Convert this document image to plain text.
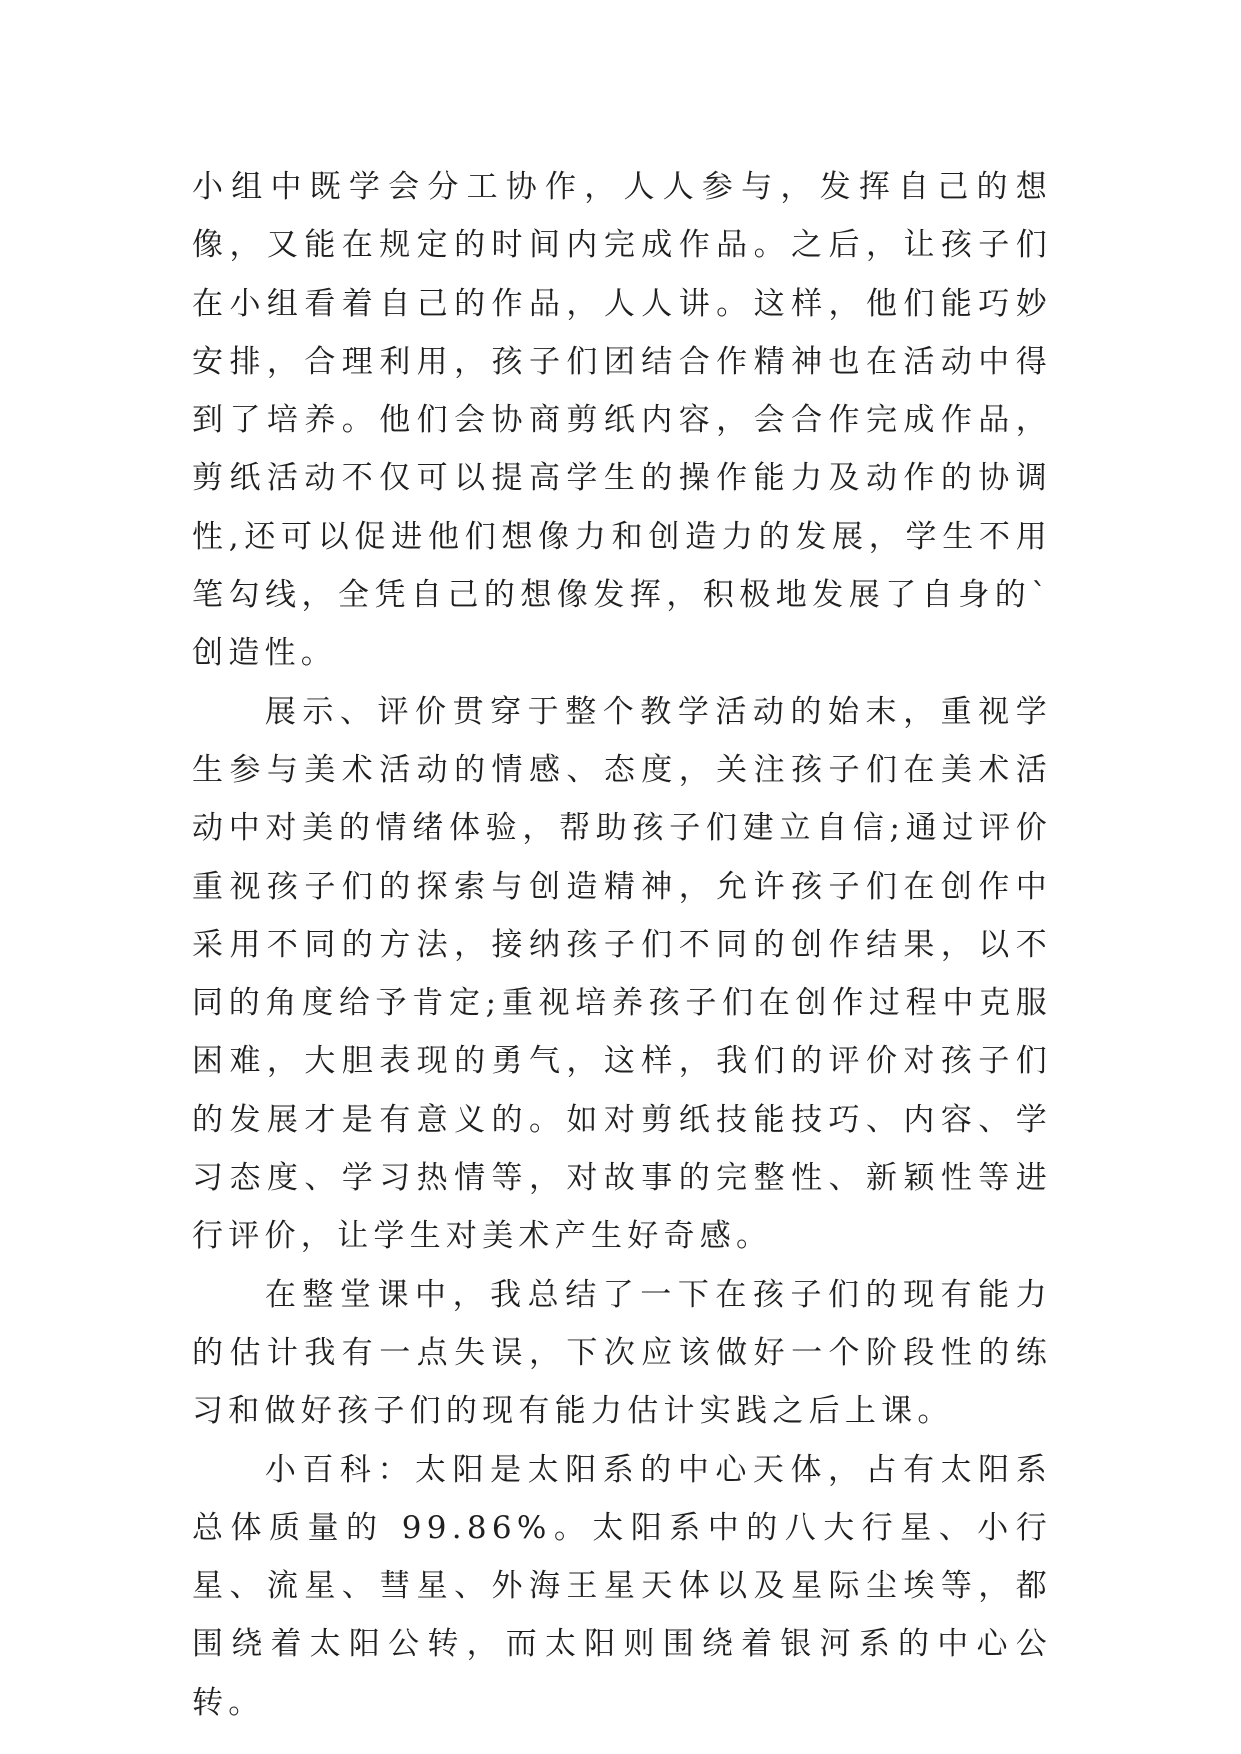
小组中既学会分工协作，人人参与，发挥自己的想像，又能在规定的时间内完成作品。之后，让孩子们在小组看着自己的作品，人人讲。这样，他们能巧妙安排，合理利用，孩子们团结合作精神也在活动中得到了培养。他们会协商剪纸内容，会合作完成作品，剪纸活动不仅可以提高学生的操作能力及动作的协调性,还可以促进他们想像力和创造力的发展，学生不用笔勾线，全凭自己的想像发挥，积极地发展了自身的`创造性。

展示、评价贯穿于整个教学活动的始末，重视学生参与美术活动的情感、态度，关注孩子们在美术活动中对美的情绪体验，帮助孩子们建立自信;通过评价重视孩子们的探索与创造精神，允许孩子们在创作中采用不同的方法，接纳孩子们不同的创作结果，以不同的角度给予肯定;重视培养孩子们在创作过程中克服困难，大胆表现的勇气，这样，我们的评价对孩子们的发展才是有意义的。如对剪纸技能技巧、内容、学习态度、学习热情等，对故事的完整性、新颖性等进行评价，让学生对美术产生好奇感。

在整堂课中，我总结了一下在孩子们的现有能力的估计我有一点失误，下次应该做好一个阶段性的练习和做好孩子们的现有能力估计实践之后上课。

小百科：太阳是太阳系的中心天体，占有太阳系总体质量的 99.86%。太阳系中的八大行星、小行星、流星、彗星、外海王星天体以及星际尘埃等，都围绕着太阳公转，而太阳则围绕着银河系的中心公转。
